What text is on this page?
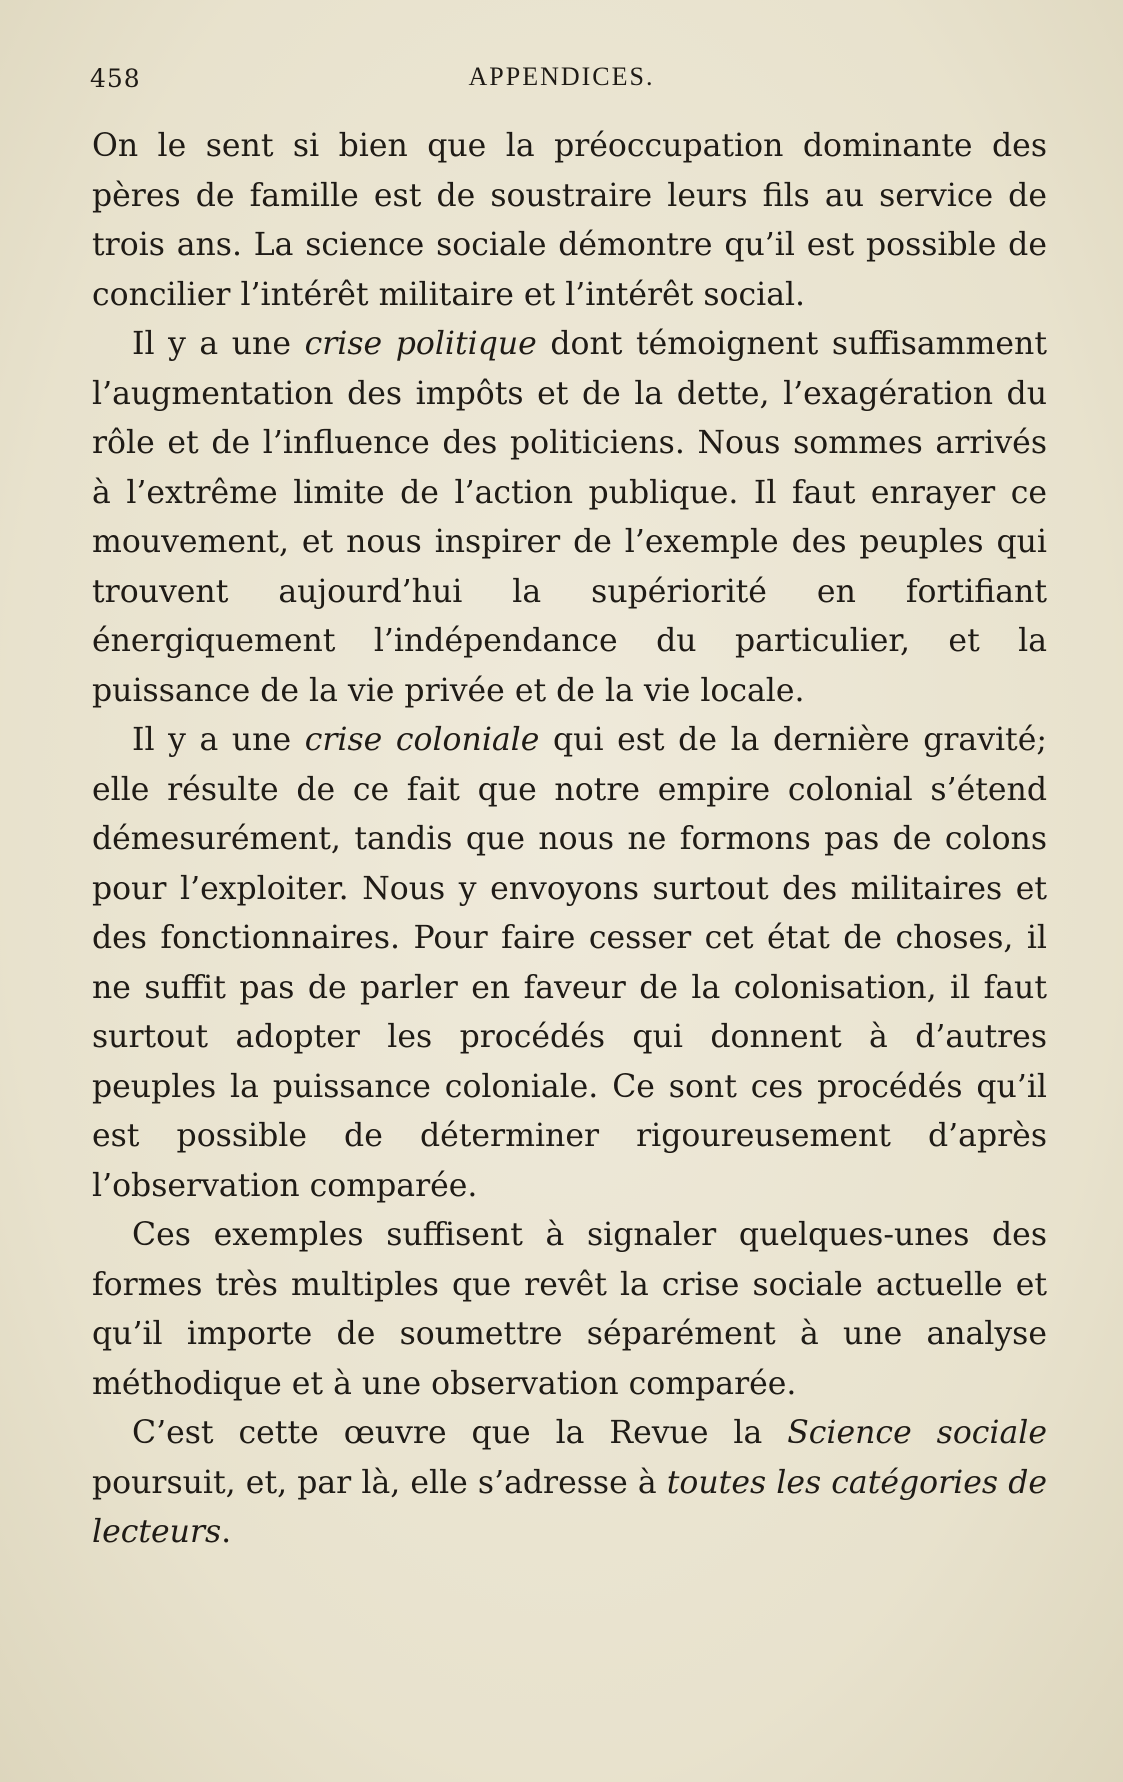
458	APPENDICES.

On le sent si bien que la préoccupation dominante des pères de famille est de soustraire leurs fils au service de trois ans. La science sociale démontre qu’il est possible de concilier l’intérêt militaire et l’intérêt social.

Il y a une crise politique dont témoignent suffisamment l’augmentation des impôts et de la dette, l’exagération du rôle et de l’influence des politiciens. Nous sommes arrivés à l’extrême limite de l’action publique. Il faut enrayer ce mouvement, et nous inspirer de l’exemple des peuples qui trouvent aujourd’hui la supériorité en fortifiant énergiquement l’indépendance du particulier, et la puissance de la vie privée et de la vie locale.

Il y a une crise coloniale qui est de la dernière gravité; elle résulte de ce fait que notre empire colonial s’étend démesurément, tandis que nous ne formons pas de colons pour l’exploiter. Nous y envoyons surtout des militaires et des fonctionnaires. Pour faire cesser cet état de choses, il ne suffit pas de parler en faveur de la colonisation, il faut surtout adopter les procédés qui donnent à d’autres peuples la puissance coloniale. Ce sont ces procédés qu’il est possible de déterminer rigoureusement d’après l’observation comparée.

Ces exemples suffisent à signaler quelques-unes des formes très multiples que revêt la crise sociale actuelle et qu’il importe de soumettre séparément à une analyse méthodique et à une observation comparée.

C’est cette œuvre que la Revue la Science sociale poursuit, et, par là, elle s’adresse à toutes les catégories de lecteurs.
